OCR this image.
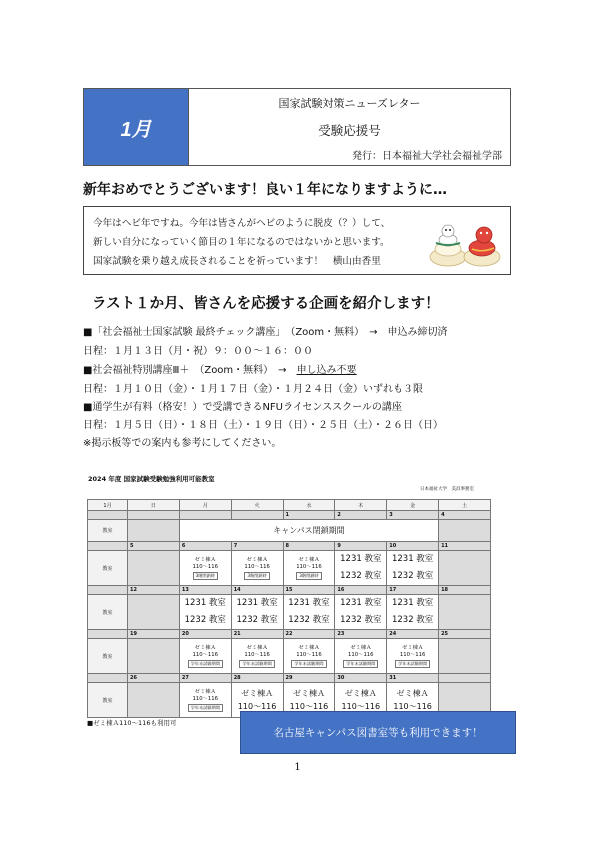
1月
国家試験対策ニューズレター
受験応援号
発行：日本福祉大学社会福祉学部
新年おめでとうございます！良い１年になりますように…
今年はヘビ年ですね。今年は皆さんがヘビのように脱皮（？）して、
新しい自分になっていく節目の１年になるのではないかと思います。
国家試験を乗り越え成長されることを祈っています！　横山由香里
ラスト１か月、皆さんを応援する企画を紹介します！
■「社会福祉士国家試験 最終チェック講座」　（Zoom・無料）　→　申込み締切済
日程：１月１３日（月・祝）９：００〜１６：００
■社会福祉特別講座Ⅲ＋　（Zoom・無料）　→　申し込み不要
日程：１月１０日（金）・１月１７日（金）・１月２４日（金）いずれも３限
■通学生が有料（格安！）で受講できるNFUライセンススクールの講座
日程：１月５日（日）・１８日（土）・１９日（日）・２５日（土）・２６日（日）
※掲示板等での案内も参考にしてください。
2024 年度 国家試験受験勉強利用可能教室
日本福祉大学　美浜事務室
1月	日	月	火	水	木	金	土
				1	2	3	4
教室		キャンパス閉鎖期間					
	5	6	7	8	9	10	11
教室		ゼミ棟Ａ
110〜116
3階閉鎖時	ゼミ棟Ａ
110〜116
3階閉鎖時	ゼミ棟Ａ
110〜116
3階閉鎖時	1231 教室
1232 教室	1231 教室
1232 教室	

	12	13	14	15	16	17	18
教室		1231 教室
1232 教室	1231 教室
1232 教室	1231 教室
1232 教室	1231 教室
1232 教室	1231 教室
1232 教室	

	19	20	21	22	23	24	25
教室		ゼミ棟Ａ
110〜116
学年末試験期間	ゼミ棟Ａ
110〜116
学年末試験期間	ゼミ棟Ａ
110〜116
学年末試験期間	ゼミ棟Ａ
110〜116
学年末試験期間	ゼミ棟Ａ
110〜116
学年末試験期間	
	26	27	28	29	30	31	
教室		ゼミ棟Ａ
110〜116
学年末試験期間	ゼミ棟Ａ
110〜116	ゼミ棟Ａ
110〜116	ゼミ棟Ａ
110〜116	ゼミ棟Ａ
110〜116	

■ゼミ棟Ａ110〜116も利用可
名古屋キャンパス図書室等も利用できます！
1
